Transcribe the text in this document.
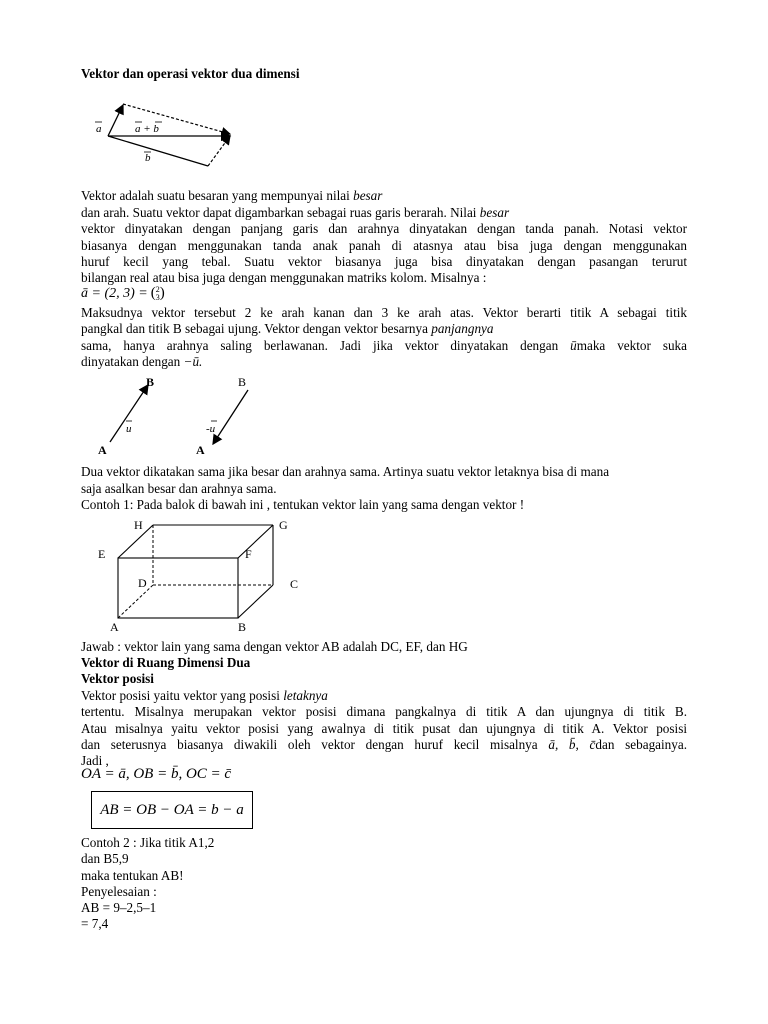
Vektor dan operasi vektor dua dimensi
a	a + b
b
Vektor adalah suatu besaran yang mempunyai nilai besar
dan arah. Suatu vektor dapat digambarkan sebagai ruas garis berarah. Nilai besar
vektor dinyatakan dengan panjang garis dan arahnya dinyatakan dengan tanda panah. Notasi vektor
biasanya dengan menggunakan tanda anak panah di atasnya atau bisa juga dengan menggunakan
huruf kecil yang tebal. Suatu vektor biasanya juga bisa dinyatakan dengan pasangan terurut
bilangan real atau bisa juga dengan menggunakan matriks kolom. Misalnya :
ā = (2, 3) = ( 2
3 )
Maksudnya vektor tersebut 2 ke arah kanan dan 3 ke arah atas. Vektor berarti titik A sebagai titik
pangkal dan titik B sebagai ujung. Vektor dengan vektor besarnya panjangnya
sama, hanya arahnya saling berlawanan. Jadi jika vektor dinyatakan dengan ūmaka vektor suka
dinyatakan dengan −ū.
B
A
u
B
A
-u
Dua vektor dikatakan sama jika besar dan arahnya sama. Artinya suatu vektor letaknya bisa di mana
saja asalkan besar dan arahnya sama.
Contoh 1: Pada balok di bawah ini , tentukan vektor lain yang sama dengan vektor !
H	G
E	F
D	C
A	B
Jawab : vektor lain yang sama dengan vektor AB adalah DC, EF, dan HG
Vektor di Ruang Dimensi Dua
Vektor posisi
Vektor posisi yaitu vektor yang posisi letaknya
tertentu. Misalnya merupakan vektor posisi dimana pangkalnya di titik A dan ujungnya di titik B.
Atau misalnya yaitu vektor posisi yang awalnya di titik pusat dan ujungnya di titik A. Vektor posisi
dan seterusnya biasanya diwakili oleh vektor dengan huruf kecil misalnya ā, b̄, c̄dan sebagainya.
Jadi ,
OA = ā, OB = b̄, OC = c̄
AB = OB − OA = b − a
Contoh 2 : Jika titik A1,2
dan B5,9
maka tentukan AB!
Penyelesaian :
AB = 9–2,5–1
= 7,4
